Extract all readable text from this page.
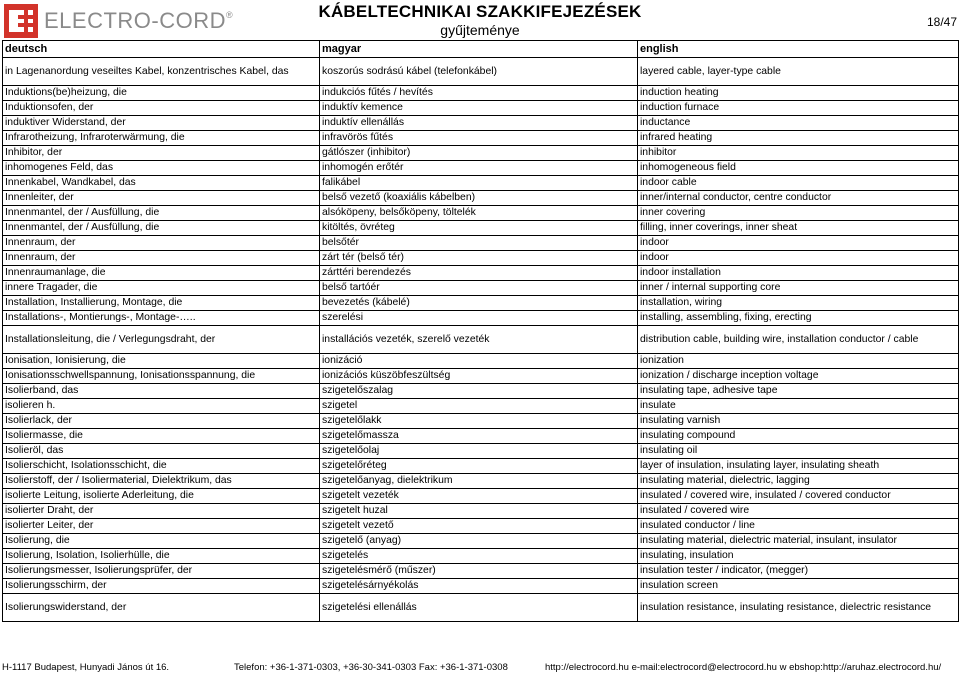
ELECTRO-CORD®	KÁBELTECHNIKAI SZAKKIFEJEZÉSEK
gyűjteménye	18/47
deutsch	magyar	english
in Lagenanordung veseiltes Kabel, konzentrisches Kabel, das	koszorús sodrású kábel (telefonkábel)	layered cable, layer-type cable
Induktions(be)heizung, die	indukciós fűtés / hevítés	induction heating
Induktionsofen, der	induktív kemence	induction furnace
induktiver Widerstand, der	induktív ellenállás	inductance
Infrarotheizung, Infraroterwärmung, die	infravörös fűtés	infrared heating
Inhibitor, der	gátlószer (inhibitor)	inhibitor
inhomogenes Feld, das	inhomogén erőtér	inhomogeneous field
Innenkabel, Wandkabel, das	falikábel	indoor cable
Innenleiter, der	belső vezető (koaxiális kábelben)	inner/internal conductor, centre conductor
Innenmantel, der / Ausfüllung, die	alsóköpeny, belsőköpeny, töltelék	inner covering
Innenmantel, der / Ausfüllung, die	kitöltés, övréteg	filling, inner coverings, inner sheat
Innenraum, der	belsőtér	indoor
Innenraum, der	zárt tér (belső tér)	indoor
Innenraumanlage, die	zárttéri berendezés	indoor installation
innere Tragader, die	belső tartóér	inner / internal supporting core
Installation, Installierung, Montage, die	bevezetés (kábelé)	installation, wiring
Installations-, Montierungs-, Montage-…..	szerelési	installing, assembling, fixing, erecting
Installationsleitung, die / Verlegungsdraht, der	installációs vezeték, szerelő vezeték	distribution cable, building wire, installation conductor / cable
Ionisation, Ionisierung, die	ionizáció	ionization
Ionisationsschwellspannung, Ionisationsspannung, die	ionizációs küszöbfeszültség	ionization / discharge inception voltage
Isolierband, das	szigetelőszalag	insulating tape, adhesive tape
isolieren h.	szigetel	insulate
Isolierlack, der	szigetelőlakk	insulating varnish
Isoliermasse, die	szigetelőmassza	insulating compound
Isolieröl, das	szigetelőolaj	insulating oil
Isolierschicht, Isolationsschicht, die	szigetelőréteg	layer of insulation, insulating layer, insulating sheath
Isolierstoff, der / Isoliermaterial, Dielektrikum, das	szigetelőanyag, dielektrikum	insulating material, dielectric, lagging
isolierte Leitung, isolierte Aderleitung, die	szigetelt vezeték	insulated / covered wire, insulated / covered conductor
isolierter Draht, der	szigetelt huzal	insulated / covered wire
isolierter Leiter, der	szigetelt vezető	insulated conductor / line
Isolierung, die	szigetelő (anyag)	insulating material, dielectric material, insulant, insulator
Isolierung, Isolation, Isolierhülle, die	szigetelés	insulating, insulation
Isolierungsmesser, Isolierungsprüfer, der	szigetelésmérő (műszer)	insulation tester / indicator, (megger)
Isolierungsschirm, der	szigetelésárnyékolás	insulation screen
Isolierungswiderstand, der	szigetelési ellenállás	insulation resistance, insulating resistance, dielectric resistance
H-1117 Budapest, Hunyadi János út 16.	Telefon: +36-1-371-0303, +36-30-341-0303 Fax: +36-1-371-0308	http://electrocord.hu e-mail:electrocord@electrocord.hu w ebshop:http://aruhaz.electrocord.hu/
